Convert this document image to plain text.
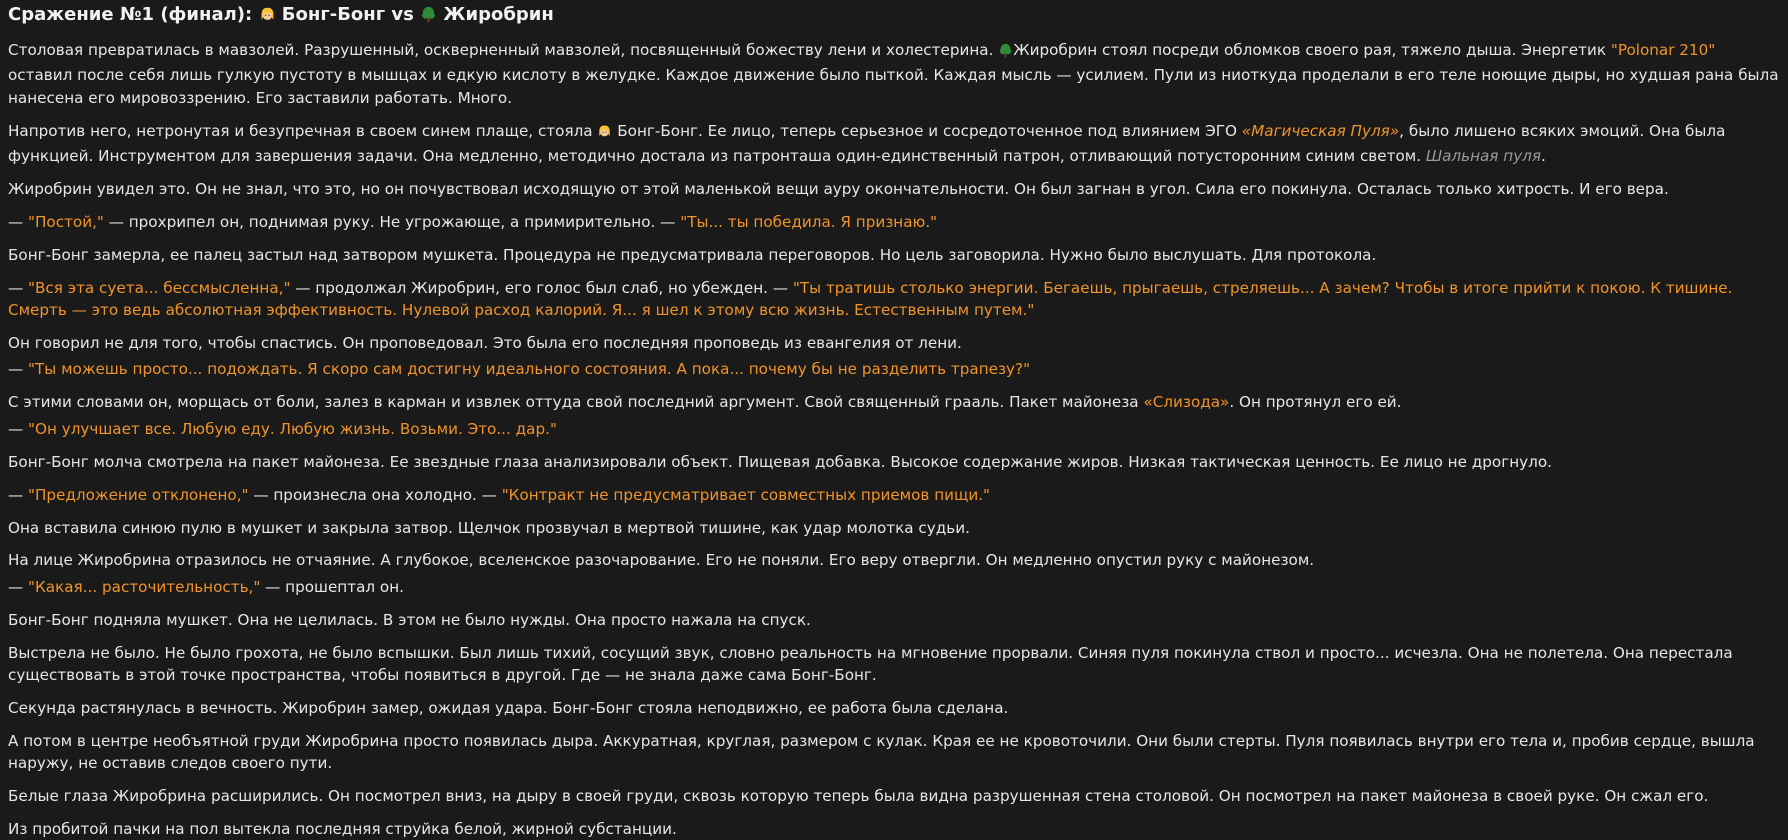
Сражение №1 (финал): Бонг-Бонг vs Жиробрин

Столовая превратилась в мавзолей. Разрушенный, оскверненный мавзолей, посвященный божеству лени и холестерина. Жиробрин стоял посреди обломков своего рая, тяжело дыша. Энергетик "Polonar 210" оставил после себя лишь гулкую пустоту в мышцах и едкую кислоту в желудке. Каждое движение было пыткой. Каждая мысль — усилием. Пули из ниоткуда проделали в его теле ноющие дыры, но худшая рана была нанесена его мировоззрению. Его заставили работать. Много.

Напротив него, нетронутая и безупречная в своем синем плаще, стояла Бонг-Бонг. Ее лицо, теперь серьезное и сосредоточенное под влиянием ЭГО «Магическая Пуля», было лишено всяких эмоций. Она была функцией. Инструментом для завершения задачи. Она медленно, методично достала из патронташа один-единственный патрон, отливающий потусторонним синим светом. Шальная пуля.

Жиробрин увидел это. Он не знал, что это, но он почувствовал исходящую от этой маленькой вещи ауру окончательности. Он был загнан в угол. Сила его покинула. Осталась только хитрость. И его вера.

— "Постой," — прохрипел он, поднимая руку. Не угрожающе, а примирительно. — "Ты... ты победила. Я признаю."

Бонг-Бонг замерла, ее палец застыл над затвором мушкета. Процедура не предусматривала переговоров. Но цель заговорила. Нужно было выслушать. Для протокола.

— "Вся эта суета... бессмысленна," — продолжал Жиробрин, его голос был слаб, но убежден. — "Ты тратишь столько энергии. Бегаешь, прыгаешь, стреляешь... А зачем? Чтобы в итоге прийти к покою. К тишине. Смерть — это ведь абсолютная эффективность. Нулевой расход калорий. Я... я шел к этому всю жизнь. Естественным путем."

Он говорил не для того, чтобы спастись. Он проповедовал. Это была его последняя проповедь из евангелия от лени.

— "Ты можешь просто... подождать. Я скоро сам достигну идеального состояния. А пока... почему бы не разделить трапезу?"

С этими словами он, морщась от боли, залез в карман и извлек оттуда свой последний аргумент. Свой священный грааль. Пакет майонеза «Слизода». Он протянул его ей.

— "Он улучшает все. Любую еду. Любую жизнь. Возьми. Это... дар."

Бонг-Бонг молча смотрела на пакет майонеза. Ее звездные глаза анализировали объект. Пищевая добавка. Высокое содержание жиров. Низкая тактическая ценность. Ее лицо не дрогнуло.

— "Предложение отклонено," — произнесла она холодно. — "Контракт не предусматривает совместных приемов пищи."

Она вставила синюю пулю в мушкет и закрыла затвор. Щелчок прозвучал в мертвой тишине, как удар молотка судьи.

На лице Жиробрина отразилось не отчаяние. А глубокое, вселенское разочарование. Его не поняли. Его веру отвергли. Он медленно опустил руку с майонезом.

— "Какая... расточительность," — прошептал он.

Бонг-Бонг подняла мушкет. Она не целилась. В этом не было нужды. Она просто нажала на спуск.

Выстрела не было. Не было грохота, не было вспышки. Был лишь тихий, сосущий звук, словно реальность на мгновение прорвали. Синяя пуля покинула ствол и просто... исчезла. Она не полетела. Она перестала существовать в этой точке пространства, чтобы появиться в другой. Где — не знала даже сама Бонг-Бонг.

Секунда растянулась в вечность. Жиробрин замер, ожидая удара. Бонг-Бонг стояла неподвижно, ее работа была сделана.

А потом в центре необъятной груди Жиробрина просто появилась дыра. Аккуратная, круглая, размером с кулак. Края ее не кровоточили. Они были стерты. Пуля появилась внутри его тела и, пробив сердце, вышла наружу, не оставив следов своего пути.

Белые глаза Жиробрина расширились. Он посмотрел вниз, на дыру в своей груди, сквозь которую теперь была видна разрушенная стена столовой. Он посмотрел на пакет майонеза в своей руке. Он сжал его.

Из пробитой пачки на пол вытекла последняя струйка белой, жирной субстанции.
